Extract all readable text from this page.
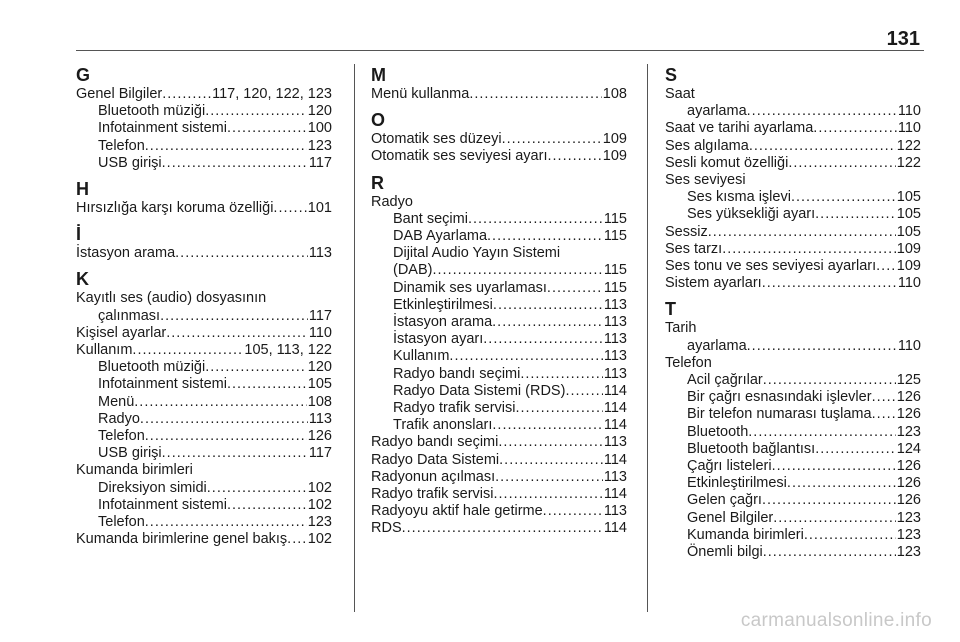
131
G
Genel Bilgiler .....	117, 120, 122, 123
Bluetooth müziği .....	120
Infotainment sistemi .....	100
Telefon .....	123
USB girişi .....	117
H
Hırsızlığa karşı koruma özelliği ..... 101
İ
İstasyon arama .....	113
K
Kayıtlı ses (audio) dosyasının
çalınması .....	117
Kişisel ayarlar .....	110
Kullanım .....	105, 113, 122
Bluetooth müziği .....	120
Infotainment sistemi .....	105
Menü .....	108
Radyo .....	113
Telefon .....	126
USB girişi .....	117
Kumanda birimleri
Direksiyon simidi .....	102
Infotainment sistemi .....	102
Telefon .....	123
Kumanda birimlerine genel bakış ..... 102
M
Menü kullanma .....	108
O
Otomatik ses düzeyi .....	109
Otomatik ses seviyesi ayarı .....	109
R
Radyo
Bant seçimi .....	115
DAB Ayarlama .....	115
Dijital Audio Yayın Sistemi
(DAB) .....	115
Dinamik ses uyarlaması .....	115
Etkinleştirilmesi .....	113
İstasyon arama .....	113
İstasyon ayarı .....	113
Kullanım .....	113
Radyo bandı seçimi .....	113
Radyo Data Sistemi (RDS) .....	114
Radyo trafik servisi .....	114
Trafik anonsları .....	114
Radyo bandı seçimi .....	113
Radyo Data Sistemi .....	114
Radyonun açılması .....	113
Radyo trafik servisi .....	114
Radyoyu aktif hale getirme .....	113
RDS .....	114
S
Saat
ayarlama .....	110
Saat ve tarihi ayarlama .....	110
Ses algılama .....	122
Sesli komut özelliği .....	122
Ses seviyesi
Ses kısma işlevi .....	105
Ses yüksekliği ayarı .....	105
Sessiz .....	105
Ses tarzı .....	109
Ses tonu ve ses seviyesi ayarları ..... 109
Sistem ayarları .....	110
T
Tarih
ayarlama .....	110
Telefon
Acil çağrılar .....	125
Bir çağrı esnasındaki işlevler ..... 126
Bir telefon numarası tuşlama ..... 126
Bluetooth .....	123
Bluetooth bağlantısı .....	124
Çağrı listeleri .....	126
Etkinleştirilmesi .....	126
Gelen çağrı .....	126
Genel Bilgiler .....	123
Kumanda birimleri .....	123
Önemli bilgi .....	123
carmanualsonline.info
